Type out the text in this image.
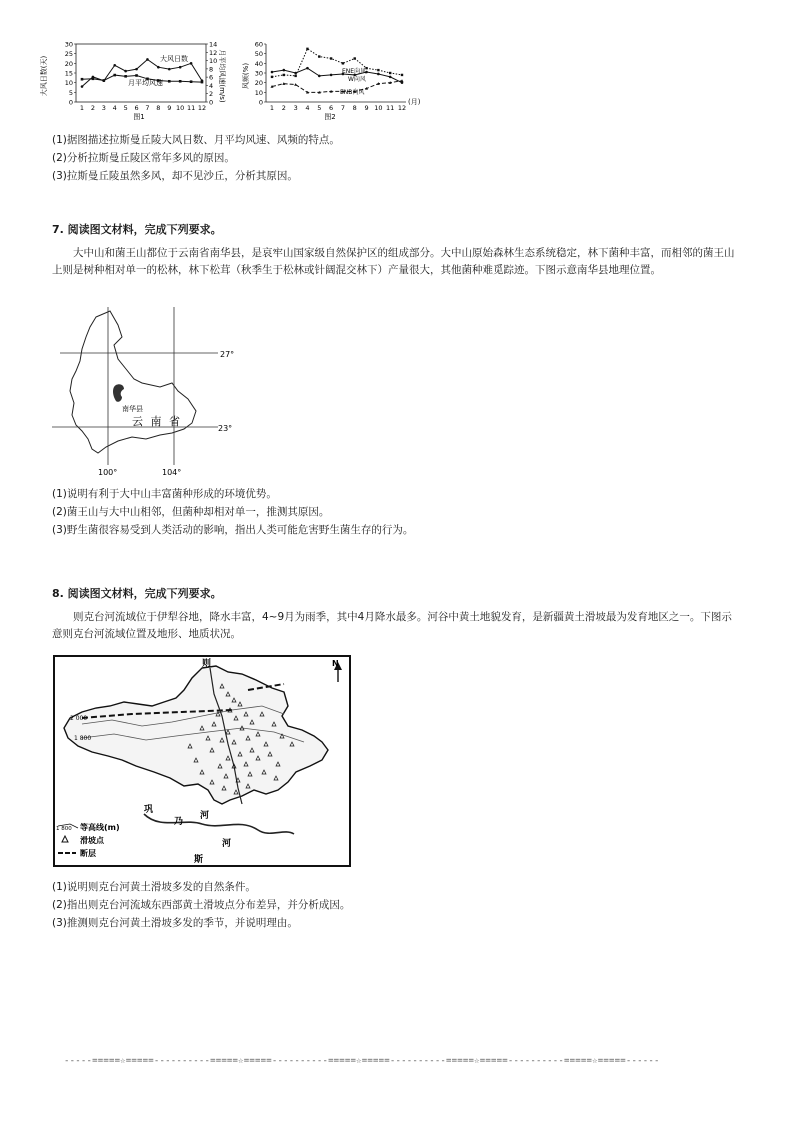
0
5
10
15
20
25
30
0
2
4
6
8
10
12
14
1 2 3 4 5 6 7 8 9 10 11 12
大风日数(天)	月平均风速(m/s)
图1
大风日数
月平均风速
0
10
20
30
40
50
60
1 2 3 4 5 6 7 8 9 10 11 12
风频(%)
图2
(月)
ENE向风
W向风
ENB向风
(1)据图描述拉斯曼丘陵大风日数、月平均风速、风频的特点。
(2)分析拉斯曼丘陵区常年多风的原因。
(3)拉斯曼丘陵虽然多风，却不见沙丘，分析其原因。
7. 阅读图文材料，完成下列要求。
大中山和菌王山都位于云南省南华县，是哀牢山国家级自然保护区的组成部分。大中山原始森林生态系统稳定，林下菌种丰富，而相邻的菌王山上则是树种相对单一的松林，林下松茸（秋季生于松林或针阔混交林下）产量很大，其他菌种难觅踪迹。下图示意南华县地理位置。
南华县
云 南 省
27°
23°
100°	104°
(1)说明有利于大中山丰富菌种形成的环境优势。
(2)菌王山与大中山相邻，但菌种却相对单一，推测其原因。
(3)野生菌很容易受到人类活动的影响，指出人类可能危害野生菌生存的行为。
8. 阅读图文材料，完成下列要求。
则克台河流域位于伊犁谷地，降水丰富，4~9月为雨季，其中4月降水最多。河谷中黄土地貌发育，是新疆黄土滑坡最为发育地区之一。下图示意则克台河流域位置及地形、地质状况。
N
则
2 000
1 800
巩
乃
河
河
斯
1 800 等高线(m)
滑坡点
断层
(1)说明则克台河黄土滑坡多发的自然条件。
(2)指出则克台河流域东西部黄土滑坡点分布差异，并分析成因。
(3)推测则克台河黄土滑坡多发的季节，并说明理由。
-----=====☆=====----------=====☆=====----------=====☆=====----------=====☆=====----------=====☆=====------
